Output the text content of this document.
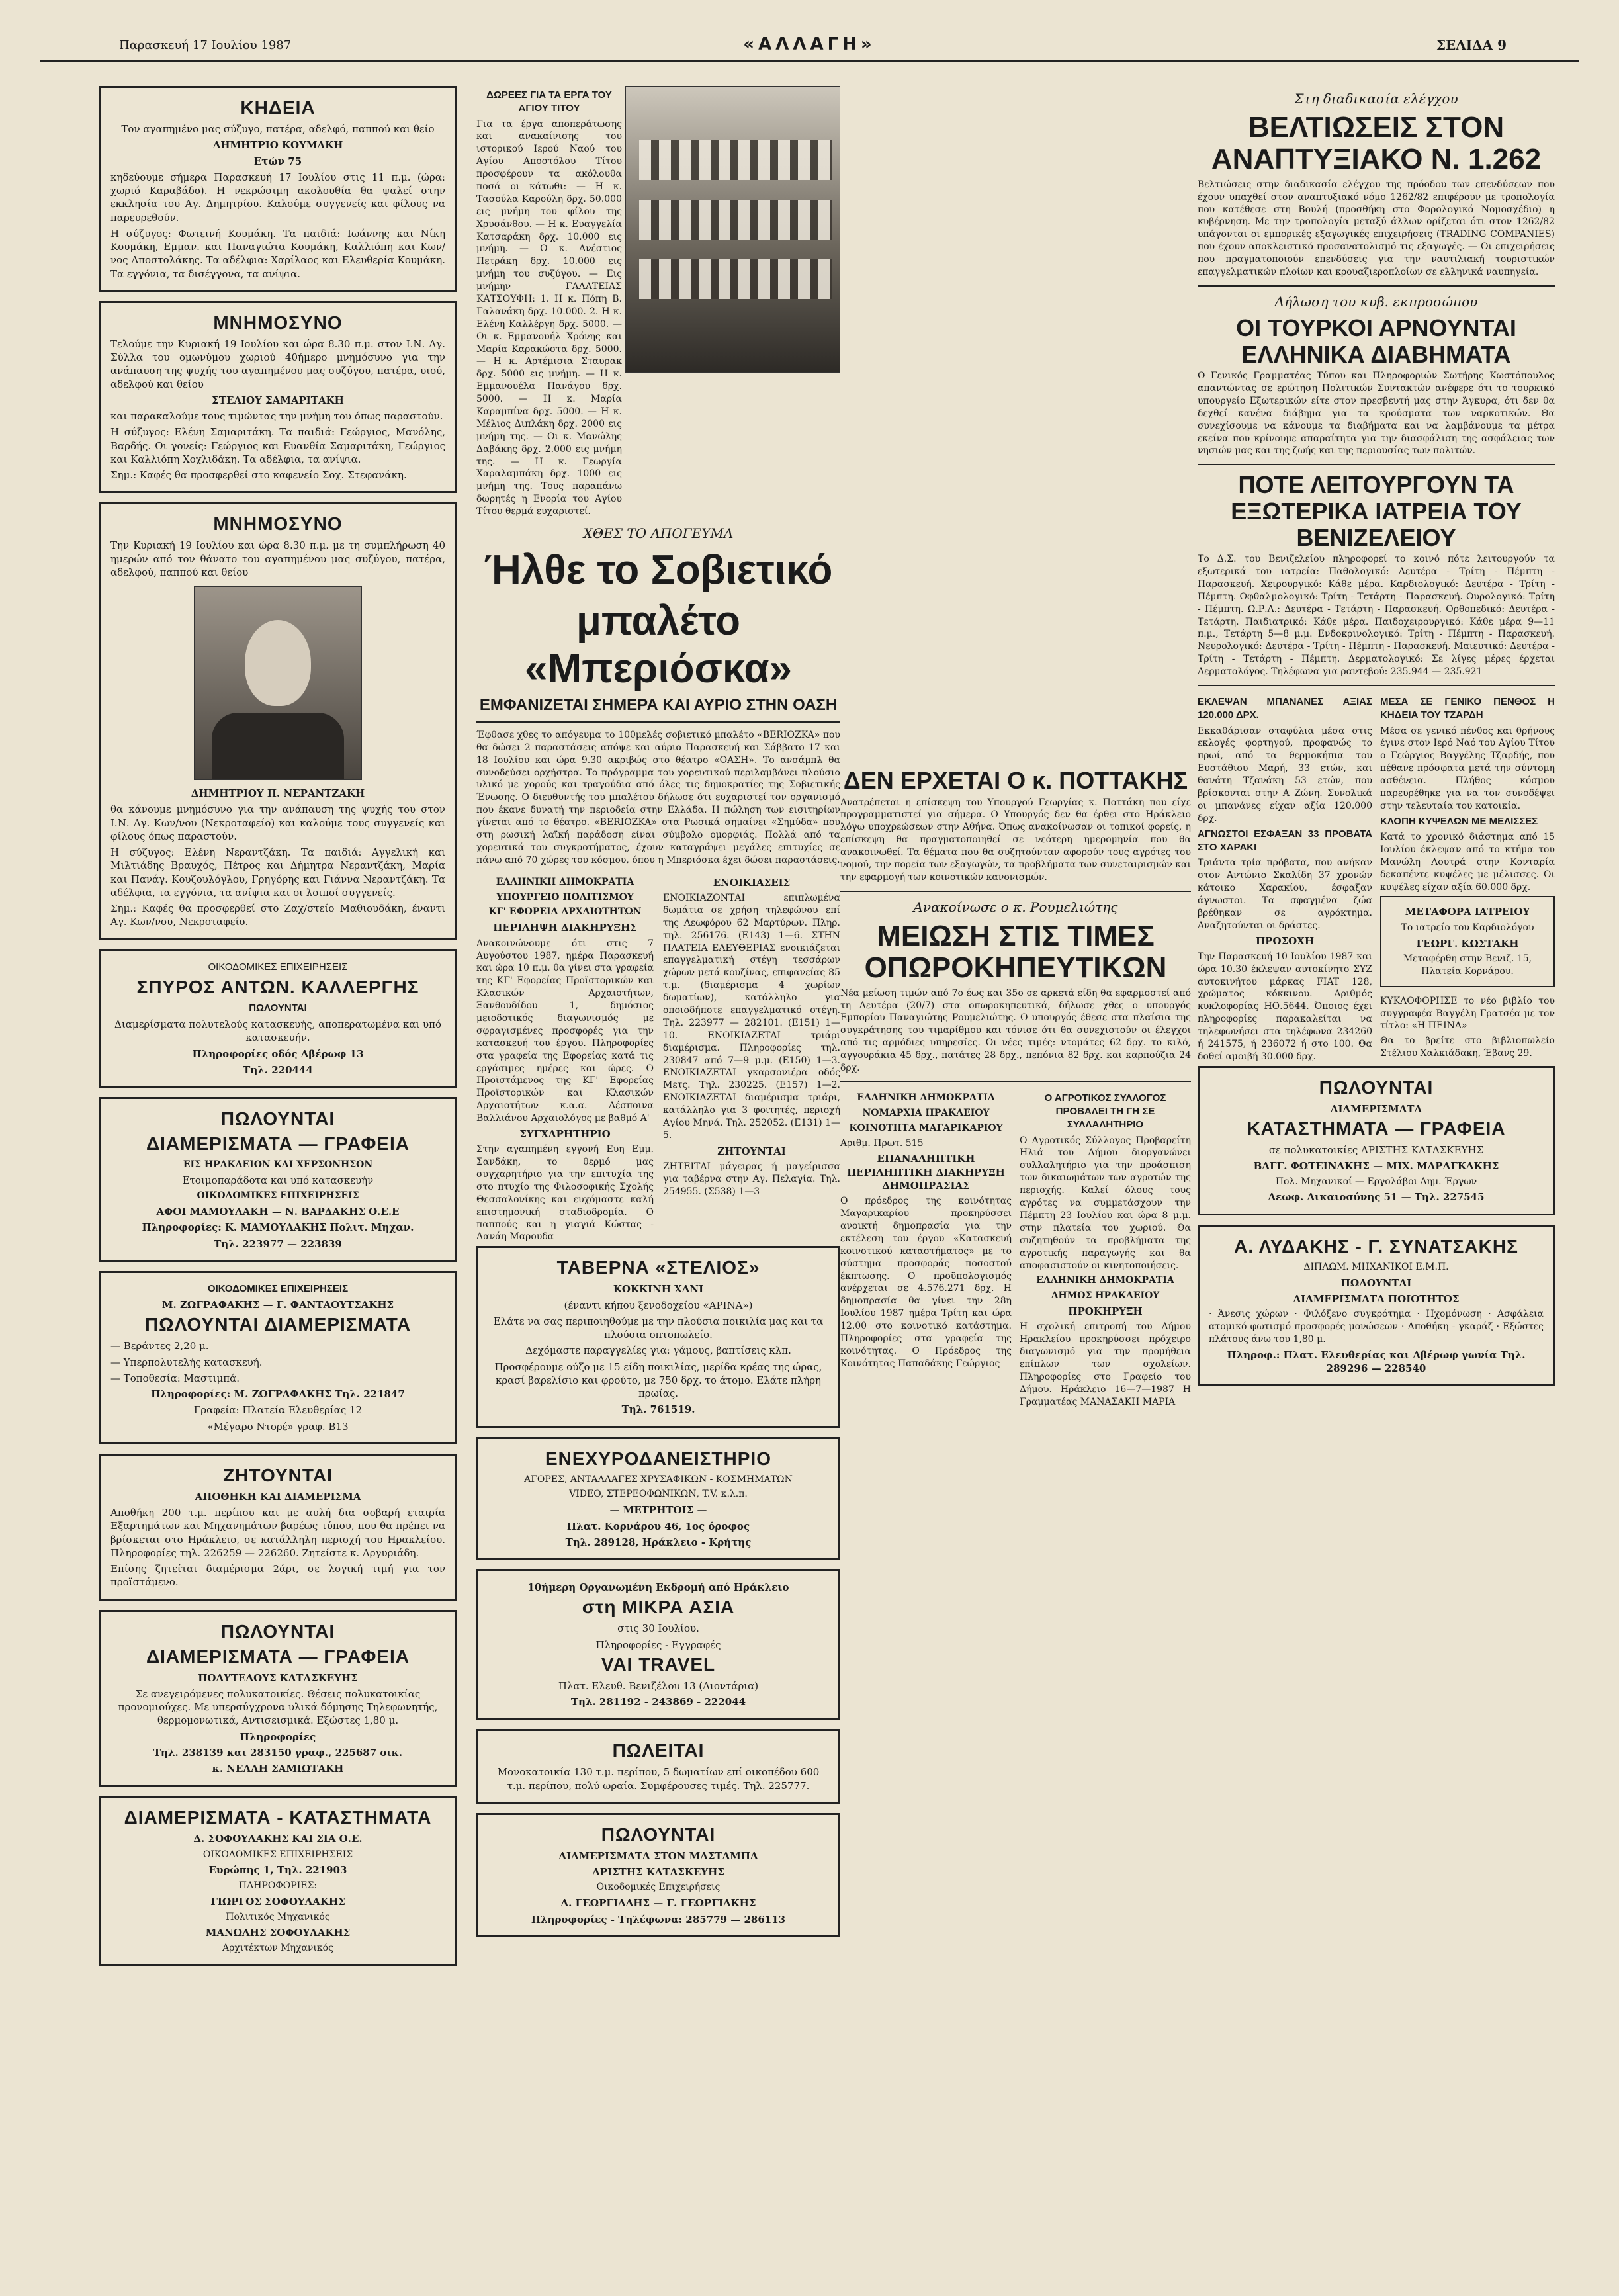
Παρασκευή 17 Ιουλίου 1987	«ΑΛΛΑΓΗ»	ΣΕΛΙΔΑ 9
ΚΗΔΕΙΑ

Τον αγαπημένο μας σύζυγο, πατέρα, αδελφό, παππού και θείο

ΔΗΜΗΤΡΙΟ ΚΟΥΜΑΚΗ

Ετών 75

κηδεύουμε σήμερα Παρασκευή 17 Ιουλίου στις 11 π.μ. (ώρα: χωριό Καραβάδο). Η νεκρώσιμη ακολουθία θα ψαλεί στην εκκλησία του Αγ. Δημητρίου. Καλούμε συγγενείς και φίλους να παρευρεθούν.

Η σύζυγος: Φωτεινή Κουμάκη. Τα παιδιά: Ιωάννης και Νίκη Κουμάκη, Εμμαν. και Παναγιώτα Κουμάκη, Καλλιόπη και Κων/νος Αποστολάκης. Τα αδέλφια: Χαρίλαος και Ελευθερία Κουμάκη. Τα εγγόνια, τα δισέγγονα, τα ανίψια.

ΜΝΗΜΟΣΥΝΟ

Τελούμε την Κυριακή 19 Ιουλίου και ώρα 8.30 π.μ. στον Ι.Ν. Αγ. Σύλλα του ομωνύμου χωριού 40ήμερο μνημόσυνο για την ανάπαυση της ψυχής του αγαπημένου μας συζύγου, πατέρα, υιού, αδελφού και θείου

ΣΤΕΛΙΟΥ ΣΑΜΑΡΙΤΑΚΗ

και παρακαλούμε τους τιμώντας την μνήμη του όπως παραστούν.

Η σύζυγος: Ελένη Σαμαριτάκη. Τα παιδιά: Γεώργιος, Μανόλης, Βαρδής. Οι γονείς: Γεώργιος και Ευανθία Σαμαριτάκη, Γεώργιος και Καλλιόπη Χοχλιδάκη. Τα αδέλφια, τα ανίψια.

Σημ.: Καφές θα προσφερθεί στο καφενείο Σοχ. Στεφανάκη.

ΜΝΗΜΟΣΥΝΟ

Την Κυριακή 19 Ιουλίου και ώρα 8.30 π.μ. με τη συμπλήρωση 40 ημερών από τον θάνατο του αγαπημένου μας συζύγου, πατέρα, αδελφού, παππού και θείου

ΔΗΜΗΤΡΙΟΥ Π. ΝΕΡΑΝΤΖΑΚΗ

θα κάνουμε μνημόσυνο για την ανάπαυση της ψυχής του στον Ι.Ν. Αγ. Κων/νου (Νεκροταφείο) και καλούμε τους συγγενείς και φίλους όπως παραστούν.

Η σύζυγος: Ελένη Νεραντζάκη. Τα παιδιά: Αγγελική και Μιλτιάδης Βραυχός, Πέτρος και Δήμητρα Νεραντζάκη, Μαρία και Πανάγ. Κουζουλόγλου, Γρηγόρης και Γιάννα Νεραντζάκη. Τα αδέλφια, τα εγγόνια, τα ανίψια και οι λοιποί συγγενείς.

Σημ.: Καφές θα προσφερθεί στο Ζαχ/στείο Μαθιουδάκη, έναντι Αγ. Κων/νου, Νεκροταφείο.

ΟΙΚΟΔΟΜΙΚΕΣ ΕΠΙΧΕΙΡΗΣΕΙΣ

ΣΠΥΡΟΣ ΑΝΤΩΝ. ΚΑΛΛΕΡΓΗΣ

ΠΩΛΟΥΝΤΑΙ

Διαμερίσματα πολυτελούς κατασκευής, αποπερατωμένα και υπό κατασκευήν.

Πληροφορίες οδός Αβέρωφ 13

Τηλ. 220444

ΠΩΛΟΥΝΤΑΙ
ΔΙΑΜΕΡΙΣΜΑΤΑ — ΓΡΑΦΕΙΑ

ΕΙΣ ΗΡΑΚΛΕΙΟΝ ΚΑΙ ΧΕΡΣΟΝΗΣΟΝ

Ετοιμοπαράδοτα και υπό κατασκευήν

ΟΙΚΟΔΟΜΙΚΕΣ ΕΠΙΧΕΙΡΗΣΕΙΣ

ΑΦΟΙ ΜΑΜΟΥΛΑΚΗ — Ν. ΒΑΡΔΑΚΗΣ Ο.Ε.Ε

Πληροφορίες: Κ. ΜΑΜΟΥΛΑΚΗΣ Πολιτ. Μηχαν.

Τηλ. 223977 — 223839

ΟΙΚΟΔΟΜΙΚΕΣ ΕΠΙΧΕΙΡΗΣΕΙΣ

Μ. ΖΩΓΡΑΦΑΚΗΣ — Γ. ΦΑΝΤΑΟΥΤΣΑΚΗΣ

ΠΩΛΟΥΝΤΑΙ ΔΙΑΜΕΡΙΣΜΑΤΑ

— Βεράντες 2,20 μ.

— Υπερπολυτελής κατασκευή.

— Τοποθεσία: Μαστιμπά.

Πληροφορίες: Μ. ΖΩΓΡΑΦΑΚΗΣ Τηλ. 221847

Γραφεία: Πλατεία Ελευθερίας 12

«Μέγαρο Ντορέ» γραφ. Β13

ΖΗΤΟΥΝΤΑΙ

ΑΠΟΘΗΚΗ ΚΑΙ ΔΙΑΜΕΡΙΣΜΑ

Αποθήκη 200 τ.μ. περίπου και με αυλή δια σοβαρή εταιρία Εξαρτημάτων και Μηχανημάτων βαρέως τύπου, που θα πρέπει να βρίσκεται στο Ηράκλειο, σε κατάλληλη περιοχή του Ηρακλείου. Πληροφορίες τηλ. 226259 — 226260. Ζητείστε κ. Αργυριάδη.

Επίσης ζητείται διαμέρισμα 2άρι, σε λογική τιμή για τον προϊστάμενο.

ΠΩΛΟΥΝΤΑΙ
ΔΙΑΜΕΡΙΣΜΑΤΑ — ΓΡΑΦΕΙΑ

ΠΟΛΥΤΕΛΟΥΣ ΚΑΤΑΣΚΕΥΗΣ

Σε ανεγειρόμενες πολυκατοικίες. Θέσεις πολυκατοικίας προνομιούχες. Με υπερσύγχρονα υλικά δόμησης Τηλεφωνητής, θερμομονωτικά, Αντισεισμικά. Εξώστες 1,80 μ.

Πληροφορίες

Τηλ. 238139 και 283150 γραφ., 225687 οικ.

κ. ΝΕΛΛΗ ΣΑΜΙΩΤΑΚΗ

ΔΙΑΜΕΡΙΣΜΑΤΑ - ΚΑΤΑΣΤΗΜΑΤΑ

Δ. ΣΟΦΟΥΛΑΚΗΣ ΚΑΙ ΣΙΑ Ο.Ε.

ΟΙΚΟΔΟΜΙΚΕΣ ΕΠΙΧΕΙΡΗΣΕΙΣ

Ευρώπης 1, Τηλ. 221903

ΠΛΗΡΟΦΟΡΙΕΣ:

ΓΙΩΡΓΟΣ ΣΟΦΟΥΛΑΚΗΣ

Πολιτικός Μηχανικός

ΜΑΝΩΛΗΣ ΣΟΦΟΥΛΑΚΗΣ

Αρχιτέκτων Μηχανικός

ΔΩΡΕΕΣ ΓΙΑ ΤΑ ΕΡΓΑ ΤΟΥ ΑΓΙΟΥ ΤΙΤΟΥ

Για τα έργα αποπεράτωσης και ανακαίνισης του ιστορικού Ιερού Ναού του Αγίου Αποστόλου Τίτου προσφέρουν τα ακόλουθα ποσά οι κάτωθι: — Η κ. Τασούλα Καρούλη δρχ. 50.000 εις μνήμη του φίλου της Χρυσάνθου. — Η κ. Ευαγγελία Κατσαράκη δρχ. 10.000 εις μνήμη. — Ο κ. Ανέστιος Πετράκη δρχ. 10.000 εις μνήμη του συζύγου. — Εις μνήμην ΓΑΛΑΤΕΙΑΣ ΚΑΤΣΟΥΦΗ: 1. Η κ. Πόπη Β. Γαλανάκη δρχ. 10.000. 2. Η κ. Ελένη Καλλέργη δρχ. 5000. — Οι κ. Εμμανουήλ Χρόνης και Μαρία Καρακώστα δρχ. 5000. — Η κ. Αρτέμισια Σταυρακ δρχ. 5000 εις μνήμη. — Η κ. Εμμανουέλα Πανάγου δρχ. 5000. — Η κ. Μαρία Καραμπίνα δρχ. 5000. — Η κ. Μέλιος Διπλάκη δρχ. 2000 εις μνήμη της. — Οι κ. Μανώλης Δαβάκης δρχ. 2.000 εις μνήμη της. — Η κ. Γεωργία Χαραλαμπάκη δρχ. 1000 εις μνήμη της. Τους παραπάνω δωρητές η Ενορία του Αγίου Τίτου θερμά ευχαριστεί.

ΧΘΕΣ ΤΟ ΑΠΟΓΕΥΜΑ

Ήλθε το Σοβιετικό
μπαλέτο «Μπεριόσκα»
ΕΜΦΑΝΙΖΕΤΑΙ ΣΗΜΕΡΑ ΚΑΙ ΑΥΡΙΟ ΣΤΗΝ ΟΑΣΗ

Έφθασε χθες το απόγευμα το 100μελές σοβιετικό μπαλέτο «BERIOZKA» που θα δώσει 2 παραστάσεις απόψε και αύριο Παρασκευή και Σάββατο 17 και 18 Ιουλίου και ώρα 9.30 ακριβώς στο θέατρο «ΟΑΣΗ». Το ανσάμπλ θα συνοδεύσει ορχήστρα. Το πρόγραμμα του χορευτικού περιλαμβάνει πλούσιο υλικό με χορούς και τραγούδια από όλες τις δημοκρατίες της Σοβιετικής Ένωσης. Ο διευθυντής του μπαλέτου δήλωσε ότι ευχαριστεί τον οργανισμό που έκανε δυνατή την περιοδεία στην Ελλάδα. Η πώληση των εισιτηρίων γίνεται από το θέατρο. «BERIOZKA» στα Ρωσικά σημαίνει «Σημύδα» που στη ρωσική λαϊκή παράδοση είναι σύμβολο ομορφιάς. Πολλά από τα χορευτικά του συγκροτήματος, έχουν καταγράψει μεγάλες επιτυχίες σε πάνω από 70 χώρες του κόσμου, όπου η Μπεριόσκα έχει δώσει παραστάσεις.

ΕΛΛΗΝΙΚΗ ΔΗΜΟΚΡΑΤΙΑ

ΥΠΟΥΡΓΕΙΟ ΠΟΛΙΤΙΣΜΟΥ

ΚΓ' ΕΦΟΡΕΙΑ ΑΡΧΑΙΟΤΗΤΩΝ

ΠΕΡΙΛΗΨΗ ΔΙΑΚΗΡΥΞΗΣ

Ανακοινώνουμε ότι στις 7 Αυγούστου 1987, ημέρα Παρασκευή και ώρα 10 π.μ. θα γίνει στα γραφεία της ΚΓ' Εφορείας Προϊστορικών και Κλασικών Αρχαιοτήτων, Ξανθουδίδου 1, δημόσιος μειοδοτικός διαγωνισμός με σφραγισμένες προσφορές για την κατασκευή του έργου. Πληροφορίες στα γραφεία της Εφορείας κατά τις εργάσιμες ημέρες και ώρες. Ο Προϊστάμενος της ΚΓ' Εφορείας Προϊστορικών και Κλασικών Αρχαιοτήτων κ.α.α. Δέσποινα Βαλλιάνου Αρχαιολόγος με βαθμό Α'

ΣΥΓΧΑΡΗΤΗΡΙΟ

Στην αγαπημένη εγγονή Ευη Εμμ. Σανδάκη, το θερμό μας συγχαρητήριο για την επιτυχία της στο πτυχίο της Φιλοσοφικής Σχολής Θεσσαλονίκης και ευχόμαστε καλή επιστημονική σταδιοδρομία. Ο παππούς και η γιαγιά Κώστας - Δανάη Μαρουδα

ΕΝΟΙΚΙΑΣΕΙΣ

ΕΝΟΙΚΙΑΖΟΝΤΑΙ επιπλωμένα δωμάτια σε χρήση τηλεφώνου επί της Λεωφόρου 62 Μαρτύρων. Πληρ. τηλ. 256176. (Ε143) 1—6. ΣΤΗΝ ΠΛΑΤΕΙΑ ΕΛΕΥΘΕΡΙΑΣ ενοικιάζεται επαγγελματική στέγη τεσσάρων χώρων μετά κουζίνας, επιφανείας 85 τ.μ. (διαμέρισμα 4 χωρίων δωματίων), κατάλληλο για οποιοδήποτε επαγγελματικό στέγη. Τηλ. 223977 — 282101. (Ε151) 1—10. ΕΝΟΙΚΙΑΖΕΤΑΙ τριάρι διαμέρισμα. Πληροφορίες τηλ. 230847 από 7—9 μ.μ. (Ε150) 1—3. ΕΝΟΙΚΙΑΖΕΤΑΙ γκαρσονιέρα οδός Μετς. Τηλ. 230225. (Ε157) 1—2. ΕΝΟΙΚΙΑΖΕΤΑΙ διαμέρισμα τριάρι, κατάλληλο για 3 φοιτητές, περιοχή Αγίου Μηνά. Τηλ. 252052. (Ε131) 1—5.

ΖΗΤΟΥΝΤΑΙ

ΖΗΤΕΙΤΑΙ μάγειρας ή μαγείρισσα για ταβέρνα στην Αγ. Πελαγία. Τηλ. 254955. (Σ538) 1—3

ΤΑΒΕΡΝΑ «ΣΤΕΛΙΟΣ»

ΚΟΚΚΙΝΗ ΧΑΝΙ

(έναντι κήπου ξενοδοχείου «ΑΡΙΝΑ»)

Ελάτε να σας περιποιηθούμε με την πλούσια ποικιλία μας και τα πλούσια οπτοπωλείο.

Δεχόμαστε παραγγελίες για: γάμους, βαπτίσεις κλπ.

Προσφέρουμε ούζο με 15 είδη ποικιλίας, μερίδα κρέας της ώρας, κρασί βαρελίσιο και φρούτο, με 750 δρχ. το άτομο. Ελάτε πλήρη πρωίας.

Τηλ. 761519.

ΕΝΕΧΥΡΟΔΑΝΕΙΣΤΗΡΙΟ

ΑΓΟΡΕΣ, ΑΝΤΑΛΛΑΓΕΣ ΧΡΥΣΑΦΙΚΩΝ - ΚΟΣΜΗΜΑΤΩΝ

VIDEO, ΣΤΕΡΕΟΦΩΝΙΚΩΝ, T.V. κ.λ.π.

— ΜΕΤΡΗΤΟΙΣ —

Πλατ. Κορνάρου 46, 1ος όροφος

Τηλ. 289128, Ηράκλειο - Κρήτης

10ήμερη Οργανωμένη Εκδρομή από Ηράκλειο

στη ΜΙΚΡΑ ΑΣΙΑ

στις 30 Ιουλίου.

Πληροφορίες - Εγγραφές

VAI TRAVEL

Πλατ. Ελευθ. Βενιζέλου 13 (Λιοντάρια)

Τηλ. 281192 - 243869 - 222044

ΠΩΛΕΙΤΑΙ

Μονοκατοικία 130 τ.μ. περίπου, 5 δωματίων επί οικοπέδου 600 τ.μ. περίπου, πολύ ωραία. Συμφέρουσες τιμές. Τηλ. 225777.

ΠΩΛΟΥΝΤΑΙ

ΔΙΑΜΕΡΙΣΜΑΤΑ ΣΤΟΝ ΜΑΣΤΑΜΠΑ

ΑΡΙΣΤΗΣ ΚΑΤΑΣΚΕΥΗΣ

Οικοδομικές Επιχειρήσεις

Α. ΓΕΩΡΓΙΑΛΗΣ — Γ. ΓΕΩΡΓΙΑΚΗΣ

Πληροφορίες - Τηλέφωνα: 285779 — 286113

ΔΕΝ ΕΡΧΕΤΑΙ Ο κ. ΠΟΤΤΑΚΗΣ

Ανατρέπεται η επίσκεψη του Υπουργού Γεωργίας κ. Ποττάκη που είχε προγραμματιστεί για σήμερα. Ο Υπουργός δεν θα έρθει στο Ηράκλειο λόγω υποχρεώσεων στην Αθήνα. Όπως ανακοίνωσαν οι τοπικοί φορείς, η επίσκεψη θα πραγματοποιηθεί σε νεότερη ημερομηνία που θα ανακοινωθεί. Τα θέματα που θα συζητούνταν αφορούν τους αγρότες του νομού, την πορεία των εξαγωγών, τα προβλήματα των συνεταιρισμών και την εφαρμογή των κοινοτικών κανονισμών.

Ανακοίνωσε ο κ. Ρουμελιώτης

ΜΕΙΩΣΗ ΣΤΙΣ ΤΙΜΕΣ ΟΠΩΡΟΚΗΠΕΥΤΙΚΩΝ

Νέα μείωση τιμών από 7ο έως και 35ο σε αρκετά είδη θα εφαρμοστεί από τη Δευτέρα (20/7) στα οπωροκηπευτικά, δήλωσε χθες ο υπουργός Εμπορίου Παναγιώτης Ρουμελιώτης. Ο υπουργός έθεσε στα πλαίσια της συγκράτησης του τιμαρίθμου και τόνισε ότι θα συνεχιστούν οι έλεγχοι από τις αρμόδιες υπηρεσίες. Οι νέες τιμές: ντομάτες 62 δρχ. το κιλό, αγγουράκια 45 δρχ., πατάτες 28 δρχ., πεπόνια 82 δρχ. και καρπούζια 24 δρχ.

ΕΛΛΗΝΙΚΗ ΔΗΜΟΚΡΑΤΙΑ

ΝΟΜΑΡΧΙΑ ΗΡΑΚΛΕΙΟΥ

ΚΟΙΝΟΤΗΤΑ ΜΑΓΑΡΙΚΑΡΙΟΥ

Αριθμ. Πρωτ. 515

ΕΠΑΝΑΛΗΠΤΙΚΗ ΠΕΡΙΛΗΠΤΙΚΗ ΔΙΑΚΗΡΥΞΗ ΔΗΜΟΠΡΑΣΙΑΣ

Ο πρόεδρος της κοινότητας Μαγαρικαρίου προκηρύσσει ανοικτή δημοπρασία για την εκτέλεση του έργου «Κατασκευή κοινοτικού καταστήματος» με το σύστημα προσφοράς ποσοστού έκπτωσης. Ο προϋπολογισμός ανέρχεται σε 4.576.271 δρχ. Η δημοπρασία θα γίνει την 28η Ιουλίου 1987 ημέρα Τρίτη και ώρα 12.00 στο κοινοτικό κατάστημα. Πληροφορίες στα γραφεία της κοινότητας. Ο Πρόεδρος της Κοινότητας Παπαδάκης Γεώργιος

Ο ΑΓΡΟΤΙΚΟΣ ΣΥΛΛΟΓΟΣ ΠΡΟΒΑΛΕΙ ΤΗ ΓΗ ΣΕ ΣΥΛΛΑΛΗΤΗΡΙΟ

Ο Αγροτικός Σύλλογος Προβαρείτη Ηλιά του Δήμου διοργανώνει συλλαλητήριο για την προάσπιση των δικαιωμάτων των αγροτών της περιοχής. Καλεί όλους τους αγρότες να συμμετάσχουν την Πέμπτη 23 Ιουλίου και ώρα 8 μ.μ. στην πλατεία του χωριού. Θα συζητηθούν τα προβλήματα της αγροτικής παραγωγής και θα αποφασιστούν οι κινητοποιήσεις.

ΕΛΛΗΝΙΚΗ ΔΗΜΟΚΡΑΤΙΑ

ΔΗΜΟΣ ΗΡΑΚΛΕΙΟΥ

ΠΡΟΚΗΡΥΞΗ

Η σχολική επιτροπή του Δήμου Ηρακλείου προκηρύσσει πρόχειρο διαγωνισμό για την προμήθεια επίπλων των σχολείων. Πληροφορίες στο Γραφείο του Δήμου. Ηράκλειο 16—7—1987 Η Γραμματέας ΜΑΝΑΣΑΚΗ ΜΑΡΙΑ

Στη διαδικασία ελέγχου

ΒΕΛΤΙΩΣΕΙΣ ΣΤΟΝ ΑΝΑΠΤΥΞΙΑΚΟ Ν. 1.262

Βελτιώσεις στην διαδικασία ελέγχου της πρόοδου των επενδύσεων που έχουν υπαχθεί στον αναπτυξιακό νόμο 1262/82 επιφέρουν με τροπολογία που κατέθεσε στη Βουλή (προσθήκη στο Φορολογικό Νομοσχέδιο) η κυβέρνηση. Με την τροπολογία μεταξύ άλλων ορίζεται ότι στον 1262/82 υπάγονται οι εμπορικές εξαγωγικές επιχειρήσεις (TRADING COMPANIES) που έχουν αποκλειστικό προσανατολισμό τις εξαγωγές. — Οι επιχειρήσεις που πραγματοποιούν επενδύσεις για την ναυτιλιακή τουριστικών επαγγελματικών πλοίων και κρουαζιεροπλοίων σε ελληνικά ναυπηγεία.

Δήλωση του κυβ. εκπροσώπου

ΟΙ ΤΟΥΡΚΟΙ ΑΡΝΟΥΝΤΑΙ ΕΛΛΗΝΙΚΑ ΔΙΑΒΗΜΑΤΑ

Ο Γενικός Γραμματέας Τύπου και Πληροφοριών Σωτήρης Κωστόπουλος απαντώντας σε ερώτηση Πολιτικών Συντακτών ανέφερε ότι το τουρκικό υπουργείο Εξωτερικών είτε στον πρεσβευτή μας στην Άγκυρα, ότι δεν θα δεχθεί κανένα διάβημα για τα κρούσματα των ναρκοτικών. Θα συνεχίσουμε να κάνουμε τα διαβήματα και να λαμβάνουμε τα μέτρα εκείνα που κρίνουμε απαραίτητα για την διασφάλιση της ασφάλειας των νησιών μας και της ζωής και της περιουσίας των πολιτών.

ΠΟΤΕ ΛΕΙΤΟΥΡΓΟΥΝ ΤΑ ΕΞΩΤΕΡΙΚΑ ΙΑΤΡΕΙΑ ΤΟΥ ΒΕΝΙΖΕΛΕΙΟΥ

Το Δ.Σ. του Βενιζελείου πληροφορεί το κοινό πότε λειτουργούν τα εξωτερικά του ιατρεία: Παθολογικό: Δευτέρα - Τρίτη - Πέμπτη - Παρασκευή. Χειρουργικό: Κάθε μέρα. Καρδιολογικό: Δευτέρα - Τρίτη - Πέμπτη. Οφθαλμολογικό: Τρίτη - Τετάρτη - Παρασκευή. Ουρολογικό: Τρίτη - Πέμπτη. Ω.Ρ.Λ.: Δευτέρα - Τετάρτη - Παρασκευή. Ορθοπεδικό: Δευτέρα - Τετάρτη. Παιδιατρικό: Κάθε μέρα. Παιδοχειρουργικό: Κάθε μέρα 9—11 π.μ., Τετάρτη 5—8 μ.μ. Ενδοκρινολογικό: Τρίτη - Πέμπτη - Παρασκευή. Νευρολογικό: Δευτέρα - Τρίτη - Πέμπτη - Παρασκευή. Μαιευτικό: Δευτέρα - Τρίτη - Τετάρτη - Πέμπτη. Δερματολογικό: Σε λίγες μέρες έρχεται Δερματολόγος. Τηλέφωνα για ραντεβού: 235.944 — 235.921

ΕΚΛΕΨΑΝ ΜΠΑΝΑΝΕΣ ΑΞΙΑΣ 120.000 ΔΡΧ.

Εκκαθάρισαν σταφύλια μέσα στις εκλογές φορτηγού, προφανώς το πρωί, από τα θερμοκήπια του Ευστάθιου Μαρή, 33 ετών, και θανάτη Τζανάκη 53 ετών, που βρίσκονται στην Α Ζώνη. Συνολικά οι μπανάνες είχαν αξία 120.000 δρχ.

ΑΓΝΩΣΤΟΙ ΕΣΦΑΞΑΝ 33 ΠΡΟΒΑΤΑ ΣΤΟ ΧΑΡΑΚΙ

Τριάντα τρία πρόβατα, που ανήκαν στον Αντώνιο Σκαλίδη 37 χρονών κάτοικο Χαρακίου, έσφαξαν άγνωστοι. Τα σφαγμένα ζώα βρέθηκαν σε αγρόκτημα. Αναζητούνται οι δράστες.

ΠΡΟΣΟΧΗ

Την Παρασκευή 10 Ιουλίου 1987 και ώρα 10.30 έκλεψαν αυτοκίνητο ΣΥΖ αυτοκινήτου μάρκας FIAT 128, χρώματος κόκκινου. Αριθμός κυκλοφορίας ΗΟ.5644. Όποιος έχει πληροφορίες παρακαλείται να τηλεφωνήσει στα τηλέφωνα 234260 ή 241575, ή 236072 ή στο 100. Θα δοθεί αμοιβή 30.000 δρχ.

ΜΕΣΑ ΣΕ ΓΕΝΙΚΟ ΠΕΝΘΟΣ Η ΚΗΔΕΙΑ ΤΟΥ ΤΖΑΡΔΗ

Μέσα σε γενικό πένθος και θρήνους έγινε στον Ιερό Ναό του Αγίου Τίτου ο Γεώργιος Βαγγέλης Τζαρδής, που πέθανε πρόσφατα μετά την σύντομη ασθένεια. Πλήθος κόσμου παρευρέθηκε για να τον συνοδέψει στην τελευταία του κατοικία.

ΚΛΟΠΗ ΚΥΨΕΛΩΝ ΜΕ ΜΕΛΙΣΣΕΣ

Κατά το χρονικό διάστημα από 15 Ιουλίου έκλεψαν από το κτήμα του Μανώλη Λουτρά στην Κονταρία δεκαπέντε κυψέλες με μέλισσες. Οι κυψέλες είχαν αξία 60.000 δρχ.

ΜΕΤΑΦΟΡΑ ΙΑΤΡΕΙΟΥ

Το ιατρείο του Καρδιολόγου

ΓΕΩΡΓ. ΚΩΣΤΑΚΗ

Μεταφέρθη στην Βενιζ. 15, Πλατεία Κορνάρου.

ΚΥΚΛΟΦΟΡΗΣΕ το νέο βιβλίο του συγγραφέα Βαγγέλη Γρατσέα με τον τίτλο: «Η ΠΕΙΝΑ»

Θα το βρείτε στο βιβλιοπωλείο Στέλιου Χαλκιάδακη, Έβανς 29.

ΠΩΛΟΥΝΤΑΙ

ΔΙΑΜΕΡΙΣΜΑΤΑ

ΚΑΤΑΣΤΗΜΑΤΑ — ΓΡΑΦΕΙΑ

σε πολυκατοικίες ΑΡΙΣΤΗΣ ΚΑΤΑΣΚΕΥΗΣ

ΒΑΓΓ. ΦΩΤΕΙΝΑΚΗΣ — ΜΙΧ. ΜΑΡΑΓΚΑΚΗΣ

Πολ. Μηχανικοί — Εργολάβοι Δημ. Έργων

Λεωφ. Δικαιοσύνης 51 — Τηλ. 227545

Α. ΛΥΔΑΚΗΣ - Γ. ΣΥΝΑΤΣΑΚΗΣ

ΔΙΠΛΩΜ. ΜΗΧΑΝΙΚΟΙ Ε.Μ.Π.

ΠΩΛΟΥΝΤΑΙ

ΔΙΑΜΕΡΙΣΜΑΤΑ ΠΟΙΟΤΗΤΟΣ

· Άνεσις χώρων · Φιλόξενο συγκρότημα · Ηχομόνωση · Ασφάλεια ατομικό φωτισμό προσφορές μονώσεων · Αποθήκη - γκαράζ · Εξώστες πλάτους άνω του 1,80 μ.

Πληροφ.: Πλατ. Ελευθερίας και Αβέρωφ γωνία Τηλ. 289296 — 228540
